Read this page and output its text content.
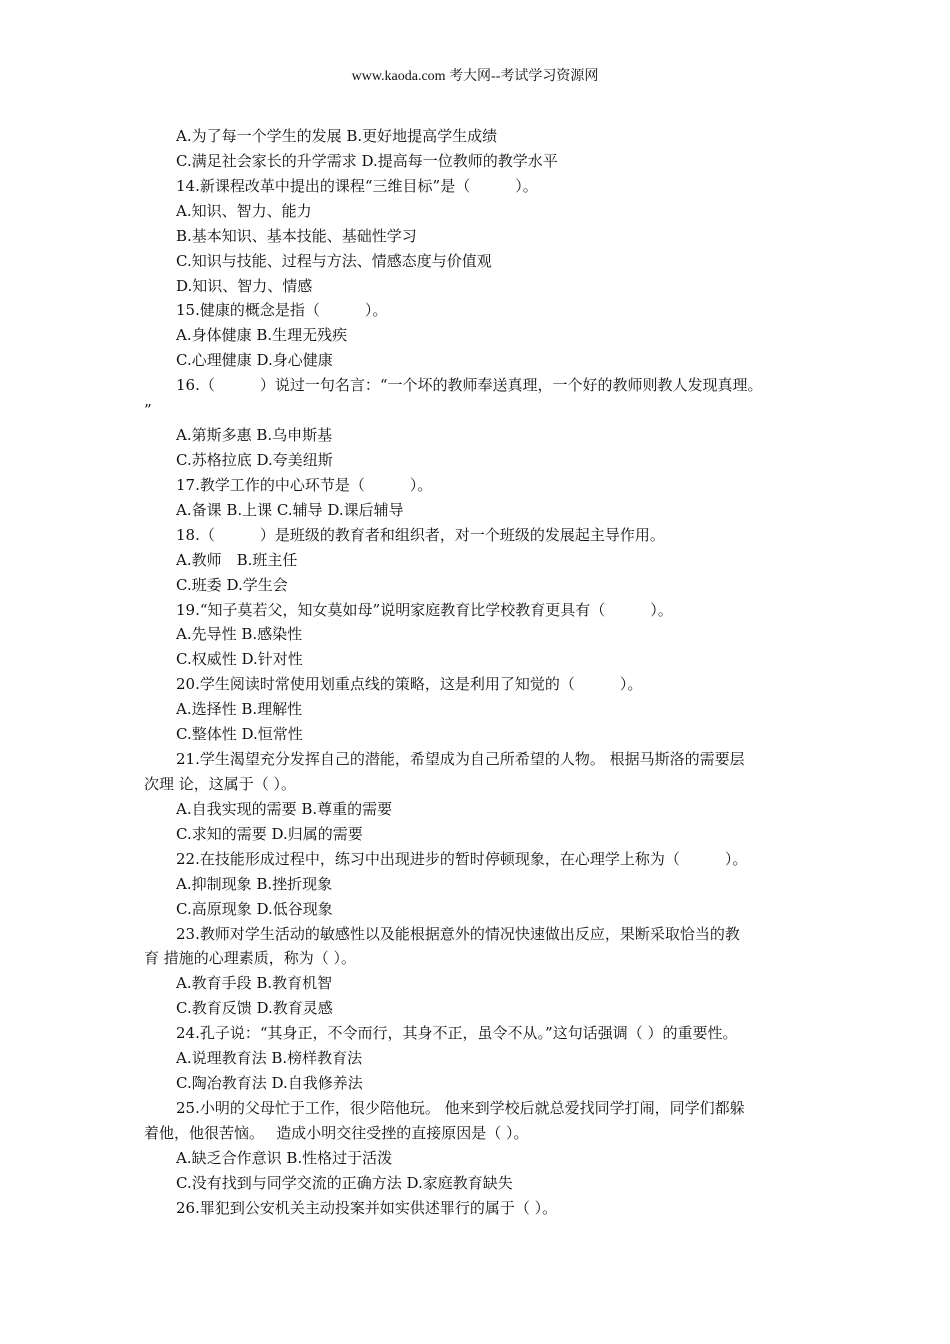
www.kaoda.com 考大网--考试学习资源网
A.为了每一个学生的发展 B.更好地提高学生成绩
C.满足社会家长的升学需求 D.提高每一位教师的教学水平
14.新课程改革中提出的课程“三维目标”是（　　　）。
A.知识、智力、能力
B.基本知识、基本技能、基础性学习
C.知识与技能、过程与方法、情感态度与价值观
D.知识、智力、情感
15.健康的概念是指（　　　）。
A.身体健康 B.生理无残疾
C.心理健康 D.身心健康
16.（　　　）说过一句名言：“一个坏的教师奉送真理，一个好的教师则教人发现真理。
”
A.第斯多惠 B.乌申斯基
C.苏格拉底 D.夸美纽斯
17.教学工作的中心环节是（　　　）。
A.备课 B.上课 C.辅导 D.课后辅导
18.（　　　）是班级的教育者和组织者，对一个班级的发展起主导作用。
A.教师　B.班主任
C.班委 D.学生会
19.“知子莫若父，知女莫如母”说明家庭教育比学校教育更具有（　　　）。
A.先导性 B.感染性
C.权威性 D.针对性
20.学生阅读时常使用划重点线的策略，这是利用了知觉的（　　　）。
A.选择性 B.理解性
C.整体性 D.恒常性
21.学生渴望充分发挥自己的潜能，希望成为自己所希望的人物。 根据马斯洛的需要层
次理 论，这属于（ ）。
A.自我实现的需要 B.尊重的需要
C.求知的需要 D.归属的需要
22.在技能形成过程中，练习中出现进步的暂时停顿现象，在心理学上称为（　　　）。
A.抑制现象 B.挫折现象
C.高原现象 D.低谷现象
23.教师对学生活动的敏感性以及能根据意外的情况快速做出反应，果断采取恰当的教
育 措施的心理素质，称为（ ）。
A.教育手段 B.教育机智
C.教育反馈 D.教育灵感
24.孔子说：“其身正，不令而行，其身不正，虽令不从。”这句话强调（ ）的重要性。
A.说理教育法 B.榜样教育法
C.陶冶教育法 D.自我修养法
25.小明的父母忙于工作，很少陪他玩。 他来到学校后就总爱找同学打闹，同学们都躲
着他，他很苦恼。　 造成小明交往受挫的直接原因是（ ）。
A.缺乏合作意识 B.性格过于活泼
C.没有找到与同学交流的正确方法 D.家庭教育缺失
26.罪犯到公安机关主动投案并如实供述罪行的属于（ ）。
